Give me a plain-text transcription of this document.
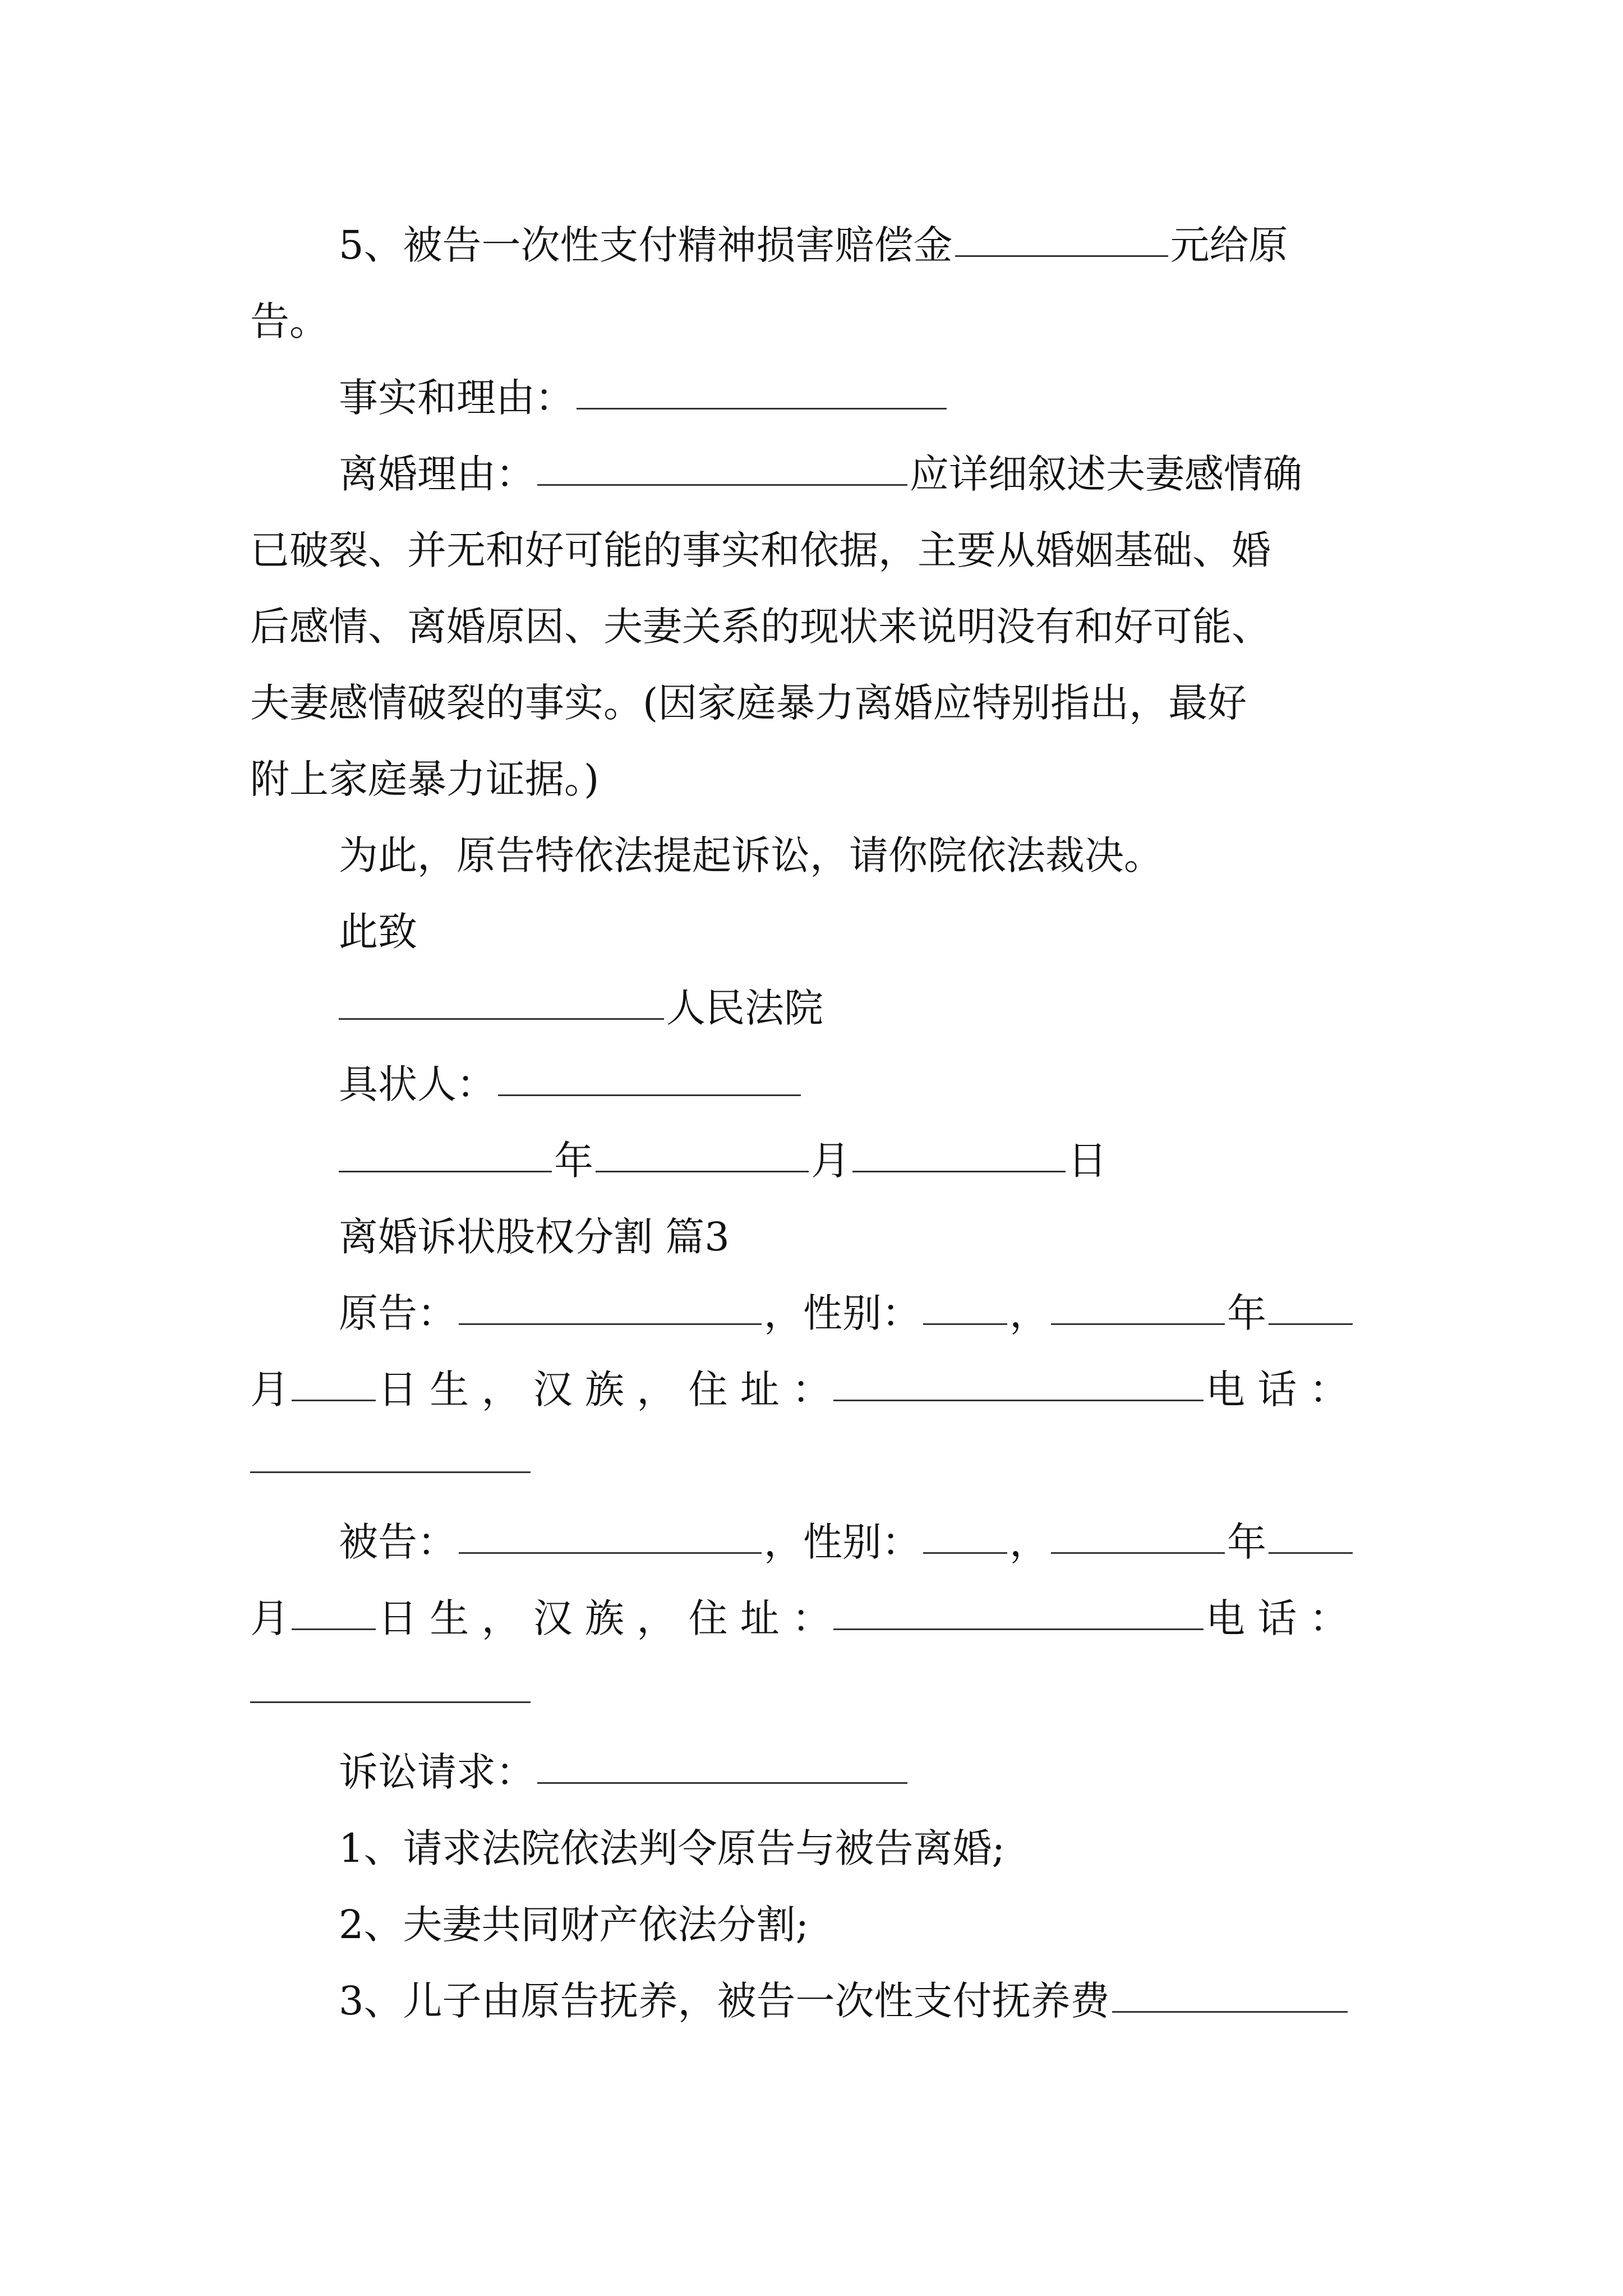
5、被告一次性支付精神损害赔偿金	元给原
告。
事实和理由：
离婚理由：	应详细叙述夫妻感情确
已破裂、并无和好可能的事实和依据，主要从婚姻基础、婚
后感情、离婚原因、夫妻关系的现状来说明没有和好可能、
夫妻感情破裂的事实。(因家庭暴力离婚应特别指出，最好
附上家庭暴力证据。)
为此，原告特依法提起诉讼，请你院依法裁决。
此致
人民法院
具状人：
年	月	日
离婚诉状股权分割 篇3
原告：	，性别： ，	年
月 日 生 ， 汉 族 ， 住 址 ：	电 话 ：
被告：	，性别： ，	年
月 日 生 ， 汉 族 ， 住 址 ：	电 话 ：
诉讼请求：
1、请求法院依法判令原告与被告离婚;
2、夫妻共同财产依法分割;
3、儿子由原告抚养，被告一次性支付抚养费
